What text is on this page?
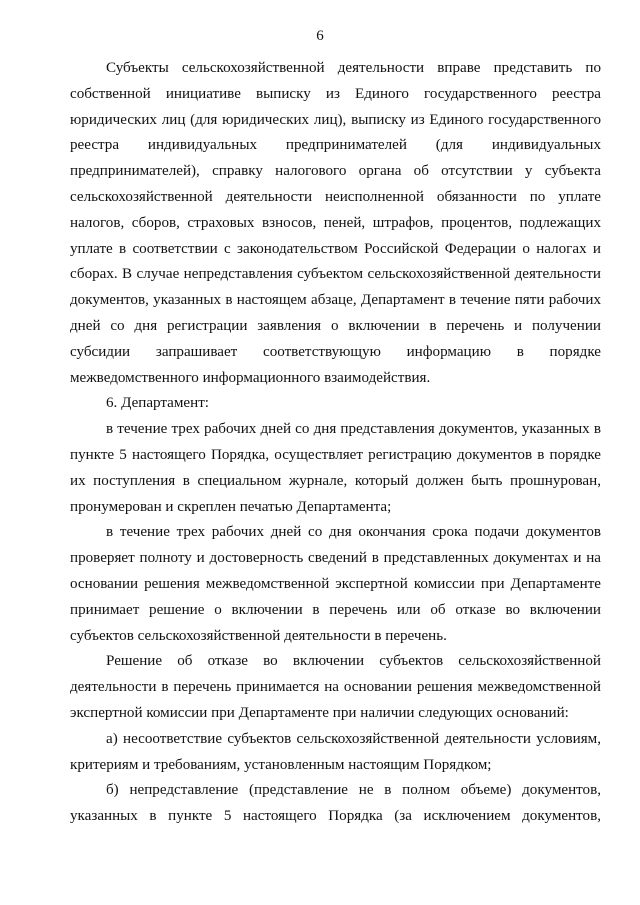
6

Субъекты сельскохозяйственной деятельности вправе представить по собственной инициативе выписку из Единого государственного реестра юридических лиц (для юридических лиц), выписку из Единого государственного реестра индивидуальных предпринимателей (для индивидуальных предпринимателей), справку налогового органа об отсутствии у субъекта сельскохозяйственной деятельности неисполненной обязанности по уплате налогов, сборов, страховых взносов, пеней, штрафов, процентов, подлежащих уплате в соответствии с законодательством Российской Федерации о налогах и сборах. В случае непредставления субъектом сельскохозяйственной деятельности документов, указанных в настоящем абзаце, Департамент в течение пяти рабочих дней со дня регистрации заявления о включении в перечень и получении субсидии запрашивает соответствующую информацию в порядке межведомственного информационного взаимодействия.

6. Департамент:

в течение трех рабочих дней со дня представления документов, указанных в пункте 5 настоящего Порядка, осуществляет регистрацию документов в порядке их поступления в специальном журнале, который должен быть прошнурован, пронумерован и скреплен печатью Департамента;

в течение трех рабочих дней со дня окончания срока подачи документов проверяет полноту и достоверность сведений в представленных документах и на основании решения межведомственной экспертной комиссии при Департаменте принимает решение о включении в перечень или об отказе во включении субъектов сельскохозяйственной деятельности в перечень.

Решение об отказе во включении субъектов сельскохозяйственной деятельности в перечень принимается на основании решения межведомственной экспертной комиссии при Департаменте при наличии следующих оснований:

а) несоответствие субъектов сельскохозяйственной деятельности условиям, критериям и требованиям, установленным настоящим Порядком;

б) непредставление (представление не в полном объеме) документов, указанных в пункте 5 настоящего Порядка (за исключением документов,
